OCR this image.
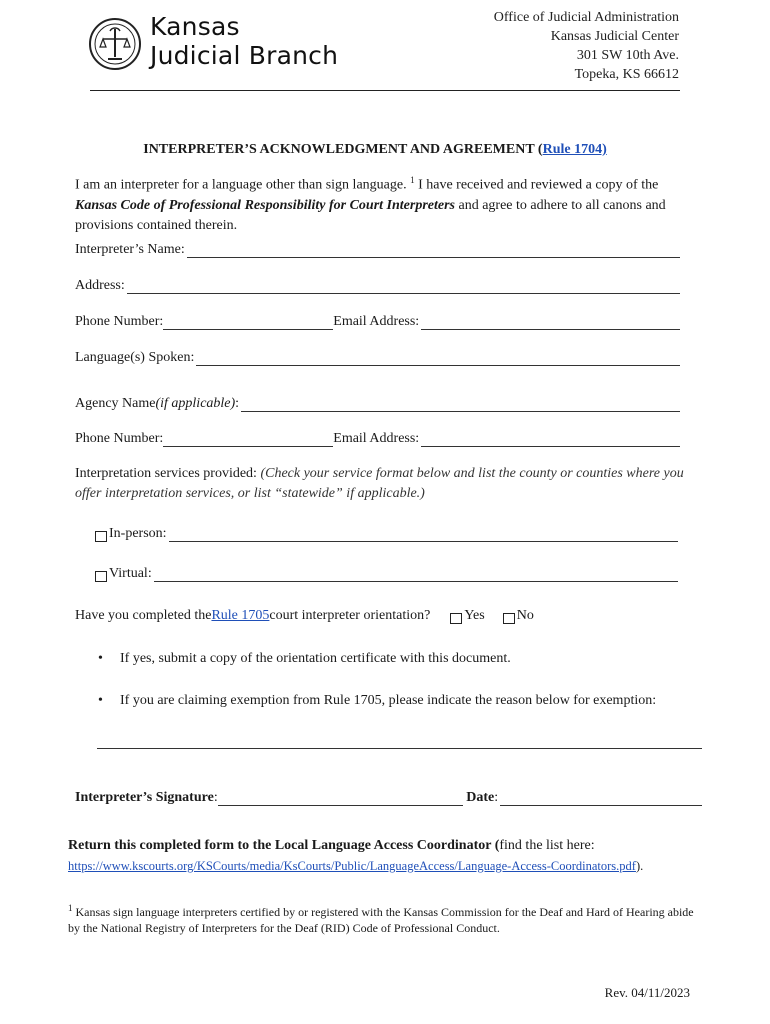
Kansas
Judicial Branch
Office of Judicial Administration
Kansas Judicial Center
301 SW 10th Ave.
Topeka, KS 66612
INTERPRETER’S ACKNOWLEDGMENT AND AGREEMENT (Rule 1704)
I am an interpreter for a language other than sign language. $^1$ I have received and reviewed a copy of the Kansas Code of Professional Responsibility for Court Interpreters and agree to adhere to all canons and provisions contained therein.
Interpreter’s Name:
Address:
Phone Number:	Email Address:
Language(s) Spoken:
Agency Name (if applicable) :
Phone Number:	Email Address:
Interpretation services provided: (Check your service format below and list the county or counties where you offer interpretation services, or list “statewide” if applicable.)
In-person:
Virtual:
Have you completed the Rule 1705 court interpreter orientation? Yes No
• If yes, submit a copy of the orientation certificate with this document.
• If you are claiming exemption from Rule 1705, please indicate the reason below for exemption:
Interpreter’s Signature :
	Date :
Return this completed form to the Local Language Access Coordinator (find the list here:
https://www.kscourts.org/KSCourts/media/KsCourts/Public/LanguageAccess/Language-Access-Coordinators.pdf).
$^1$ Kansas sign language interpreters certified by or registered with the Kansas Commission for the Deaf and Hard of Hearing abide by the National Registry of Interpreters for the Deaf (RID) Code of Professional Conduct.
Rev. 04/11/2023
